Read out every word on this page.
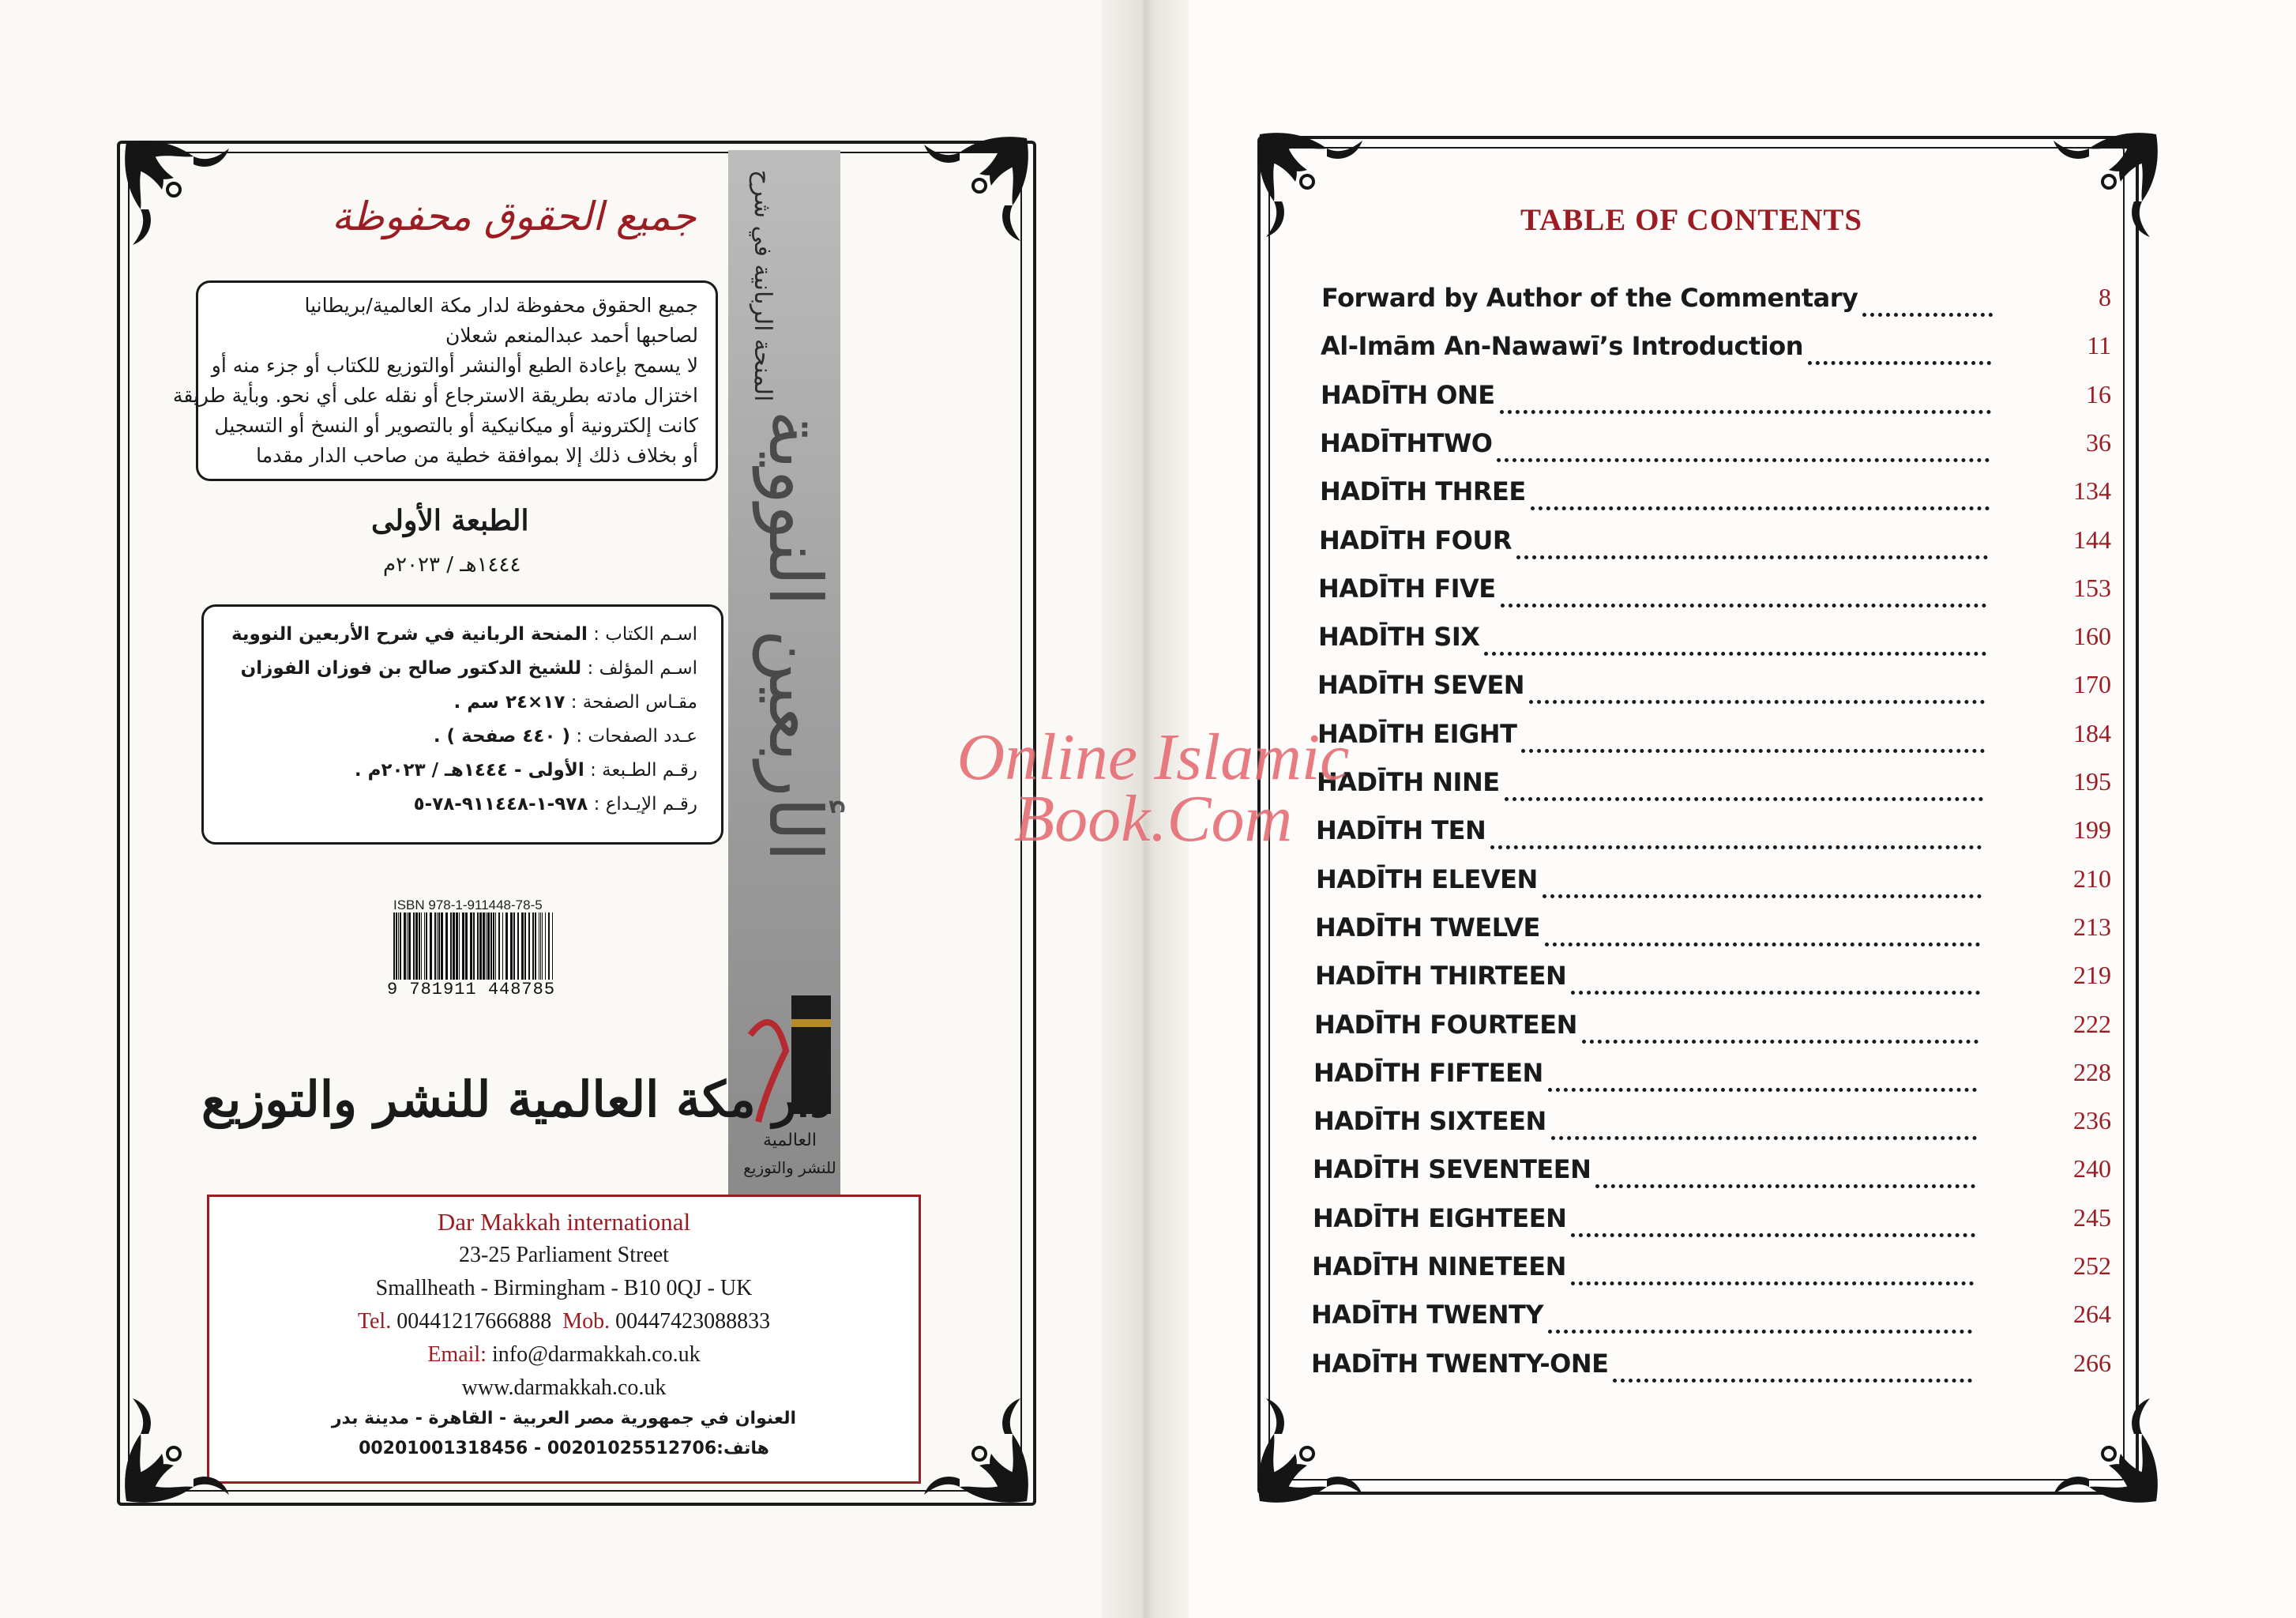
المنحة الربانية في شرح
الأربعين النووية
العالمية
للنشر والتوزيع
جميع الحقوق محفوظة
جميع الحقوق محفوظة لدار مكة العالمية/بريطانيا
لصاحبها أحمد عبدالمنعم شعلان
لا يسمح بإعادة الطبع أوالنشر أوالتوزيع للكتاب أو جزء منه أو
اختزال مادته بطريقة الاسترجاع أو نقله على أي نحو. وبأية طريقة
كانت إلكترونية أو ميكانيكية أو بالتصوير أو النسخ أو التسجيل
أو بخلاف ذلك إلا بموافقة خطية من صاحب الدار مقدما
الطبعة الأولى
١٤٤٤هـ / ٢٠٢٣م
اسـم الكتاب : المنحة الربانية في شرح الأربعين النووية
اسـم المؤلف : للشيخ الدكتور صالح بن فوزان الفوزان
مقـاس الصفحة : ١٧×٢٤ سم .
عـدد الصفحات : ( ٤٤٠ صفحة ) .
رقـم الطـبعة : الأولى - ١٤٤٤هـ / ٢٠٢٣م .
رقـم الإيـداع : ٩٧٨-١-٩١١٤٤٨-٧٨-٥
ISBN 978-1-911448-78-5
9 781911 448785
دار مكة العالمية للنشر والتوزيع
Dar Makkah international
23-25 Parliament Street
Smallheath - Birmingham - B10 0QJ - UK
Tel. 00441217666888 Mob. 00447423088833
Email: info@darmakkah.co.uk
www.darmakkah.co.uk
العنوان في جمهورية مصر العربية - القاهرة - مدينة بدر
هاتف:00201025512706 - 00201001318456
TABLE OF CONTENTS
Forward by Author of the Commentary	8
Al-Imām An-Nawawī’s Introduction	11
HADĪTH ONE	16
HADĪTHTWO	36
HADĪTH THREE	134
HADĪTH FOUR	144
HADĪTH FIVE	153
HADĪTH SIX	160
HADĪTH SEVEN	170
HADĪTH EIGHT	184
HADĪTH NINE	195
HADĪTH TEN	199
HADĪTH ELEVEN	210
HADĪTH TWELVE	213
HADĪTH THIRTEEN	219
HADĪTH FOURTEEN	222
HADĪTH FIFTEEN	228
HADĪTH SIXTEEN	236
HADĪTH SEVENTEEN	240
HADĪTH EIGHTEEN	245
HADĪTH NINETEEN	252
HADĪTH TWENTY	264
HADĪTH TWENTY-ONE	266
Online Islamic
Book.Com
